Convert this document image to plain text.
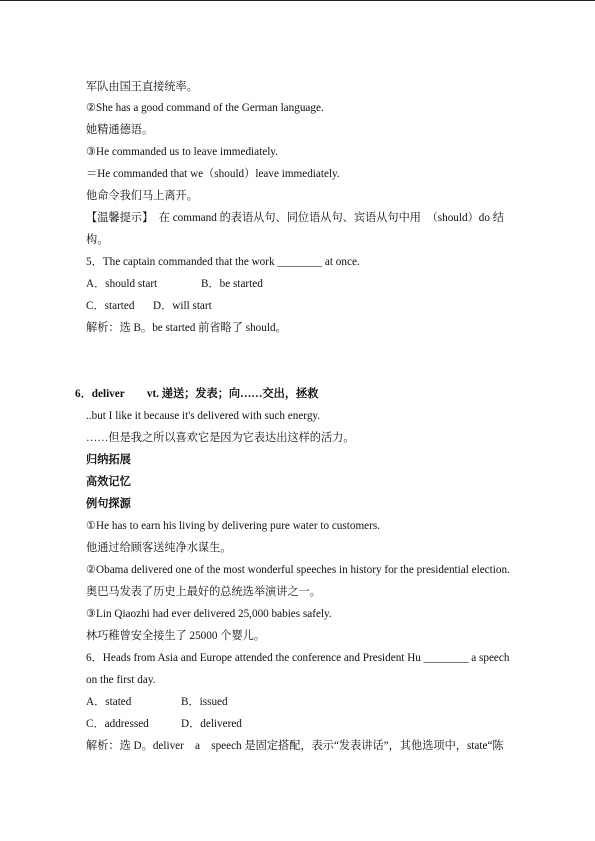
军队由国王直接统率。
②She has a good command of the German language.
她精通德语。
③He commanded us to leave immediately.
＝He commanded that we（should）leave immediately.
他命令我们马上离开。
【温馨提示】　在 command 的表语从句、同位语从句、宾语从句中用　（should）do 结
构。
5．The captain commanded that the work ________ at once.
A．should start	B．be started
C．started D．will start
解析：选 B。be started 前省略了 should。
6．deliver　　vt. 递送；发表；向……交出，拯救
..but I like it because it's delivered with such energy.
……但是我之所以喜欢它是因为它表达出这样的活力。
归纳拓展
高效记忆
例句探源
①He has to earn his living by delivering pure water to customers.
他通过给顾客送纯净水谋生。
②Obama delivered one of the most wonderful speeches in history for the presidential election.
奥巴马发表了历史上最好的总统选举演讲之一。
③Lin Qiaozhi had ever delivered 25,000 babies safely.
林巧稚曾安全接生了 25000 个婴儿。
6．Heads from Asia and Europe attended the conference and President Hu ________ a speech
on the first day.
A．stated	B．issued
C．addressed	D．delivered
解析：选 D。deliver　a　speech 是固定搭配，表示“发表讲话”，其他选项中，state“陈
